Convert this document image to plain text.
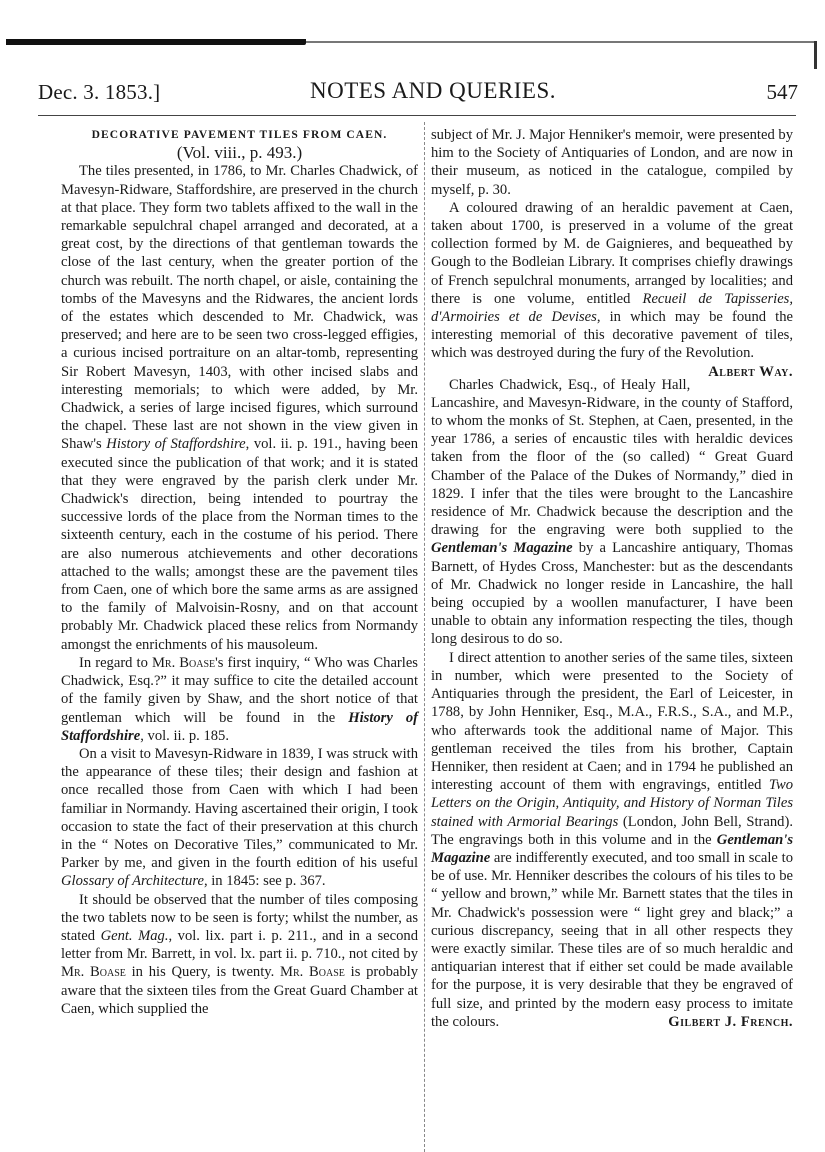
Dec. 3. 1853.]	NOTES AND QUERIES.	547

DECORATIVE PAVEMENT TILES FROM CAEN.

(Vol. viii., p. 493.)

The tiles presented, in 1786, to Mr. Charles Chadwick, of Mavesyn-Ridware, Staffordshire, are preserved in the church at that place. They form two tablets affixed to the wall in the remarkable sepulchral chapel arranged and decorated, at a great cost, by the directions of that gentleman towards the close of the last century, when the greater portion of the church was rebuilt. The north chapel, or aisle, containing the tombs of the Mavesyns and the Ridwares, the ancient lords of the estates which descended to Mr. Chadwick, was preserved; and here are to be seen two cross-legged effigies, a curious incised portraiture on an altar-tomb, representing Sir Robert Mavesyn, 1403, with other incised slabs and interesting memorials; to which were added, by Mr. Chadwick, a series of large incised figures, which surround the chapel. These last are not shown in the view given in Shaw's History of Staffordshire, vol. ii. p. 191., having been executed since the publication of that work; and it is stated that they were engraved by the parish clerk under Mr. Chadwick's direction, being intended to pourtray the successive lords of the place from the Norman times to the sixteenth century, each in the costume of his period. There are also numerous atchievements and other decorations attached to the walls; amongst these are the pavement tiles from Caen, one of which bore the same arms as are assigned to the family of Malvoisin-Rosny, and on that account probably Mr. Chadwick placed these relics from Normandy amongst the enrichments of his mausoleum.

In regard to Mr. Boase's first inquiry, “ Who was Charles Chadwick, Esq.?” it may suffice to cite the detailed account of the family given by Shaw, and the short notice of that gentleman which will be found in the History of Staffordshire, vol. ii. p. 185.

On a visit to Mavesyn-Ridware in 1839, I was struck with the appearance of these tiles; their design and fashion at once recalled those from Caen with which I had been familiar in Normandy. Having ascertained their origin, I took occasion to state the fact of their preservation at this church in the “ Notes on Decorative Tiles,” communicated to Mr. Parker by me, and given in the fourth edition of his useful Glossary of Architecture, in 1845: see p. 367.

It should be observed that the number of tiles composing the two tablets now to be seen is forty; whilst the number, as stated Gent. Mag., vol. lix. part i. p. 211., and in a second letter from Mr. Barrett, in vol. lx. part ii. p. 710., not cited by Mr. Boase in his Query, is twenty. Mr. Boase is probably aware that the sixteen tiles from the Great Guard Chamber at Caen, which supplied the

subject of Mr. J. Major Henniker's memoir, were presented by him to the Society of Antiquaries of London, and are now in their museum, as noticed in the catalogue, compiled by myself, p. 30.

A coloured drawing of an heraldic pavement at Caen, taken about 1700, is preserved in a volume of the great collection formed by M. de Gaignieres, and bequeathed by Gough to the Bodleian Library. It comprises chiefly drawings of French sepulchral monuments, arranged by localities; and there is one volume, entitled Recueil de Tapisseries, d'Armoiries et de Devises, in which may be found the interesting memorial of this decorative pavement of tiles, which was destroyed during the fury of the Revolution.
Albert Way.

Charles Chadwick, Esq., of Healy Hall, Lancashire, and Mavesyn-Ridware, in the county of Stafford, to whom the monks of St. Stephen, at Caen, presented, in the year 1786, a series of encaustic tiles with heraldic devices taken from the floor of the (so called) “ Great Guard Chamber of the Palace of the Dukes of Normandy,” died in 1829. I infer that the tiles were brought to the Lancashire residence of Mr. Chadwick because the description and the drawing for the engraving were both supplied to the Gentleman's Magazine by a Lancashire antiquary, Thomas Barnett, of Hydes Cross, Manchester: but as the descendants of Mr. Chadwick no longer reside in Lancashire, the hall being occupied by a woollen manufacturer, I have been unable to obtain any information respecting the tiles, though long desirous to do so.

I direct attention to another series of the same tiles, sixteen in number, which were presented to the Society of Antiquaries through the president, the Earl of Leicester, in 1788, by John Henniker, Esq., M.A., F.R.S., S.A., and M.P., who afterwards took the additional name of Major. This gentleman received the tiles from his brother, Captain Henniker, then resident at Caen; and in 1794 he published an interesting account of them with engravings, entitled Two Letters on the Origin, Antiquity, and History of Norman Tiles stained with Armorial Bearings (London, John Bell, Strand). The engravings both in this volume and in the Gentleman's Magazine are indifferently executed, and too small in scale to be of use. Mr. Henniker describes the colours of his tiles to be “ yellow and brown,” while Mr. Barnett states that the tiles in Mr. Chadwick's possession were “ light grey and black;” a curious discrepancy, seeing that in all other respects they were exactly similar. These tiles are of so much heraldic and antiquarian interest that if either set could be made available for the purpose, it is very desirable that they be engraved of full size, and printed by the modern easy process to imitate the colours.	Gilbert J. French.
